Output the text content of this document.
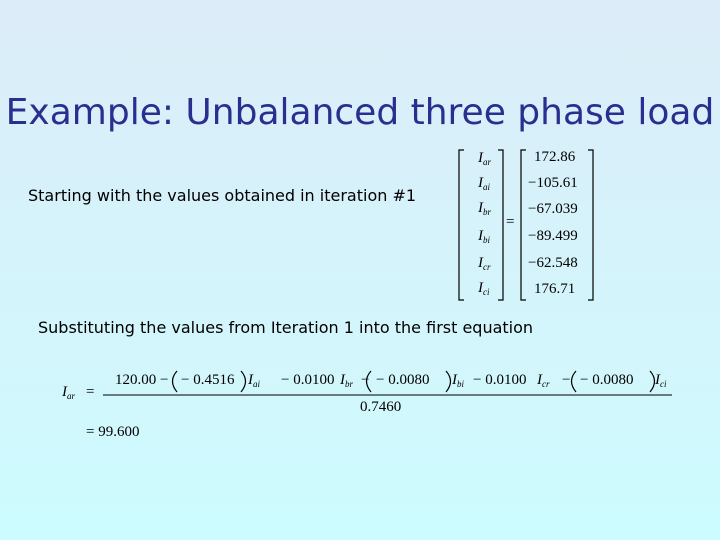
Example: Unbalanced three phase load
Starting with the values obtained in iteration #1
$I_{ar}$
$I_{ai}$
$I_{br}$
$I_{bi}$
$I_{cr}$
$I_{ci}$
=
172.86
−105.61
−67.039
−89.499
−62.548
176.71
Substituting the values from Iteration 1 into the first equation
$I_{ar}$ =
120.00 − − 0.4516 $I_{ai} - 0.0100$ $I_{br}$ − − 0.0080 $I_{bi} - 0.0100$ $I_{cr}$ − − 0.0080 $I_{ci}$
0.7460
= 99.600
